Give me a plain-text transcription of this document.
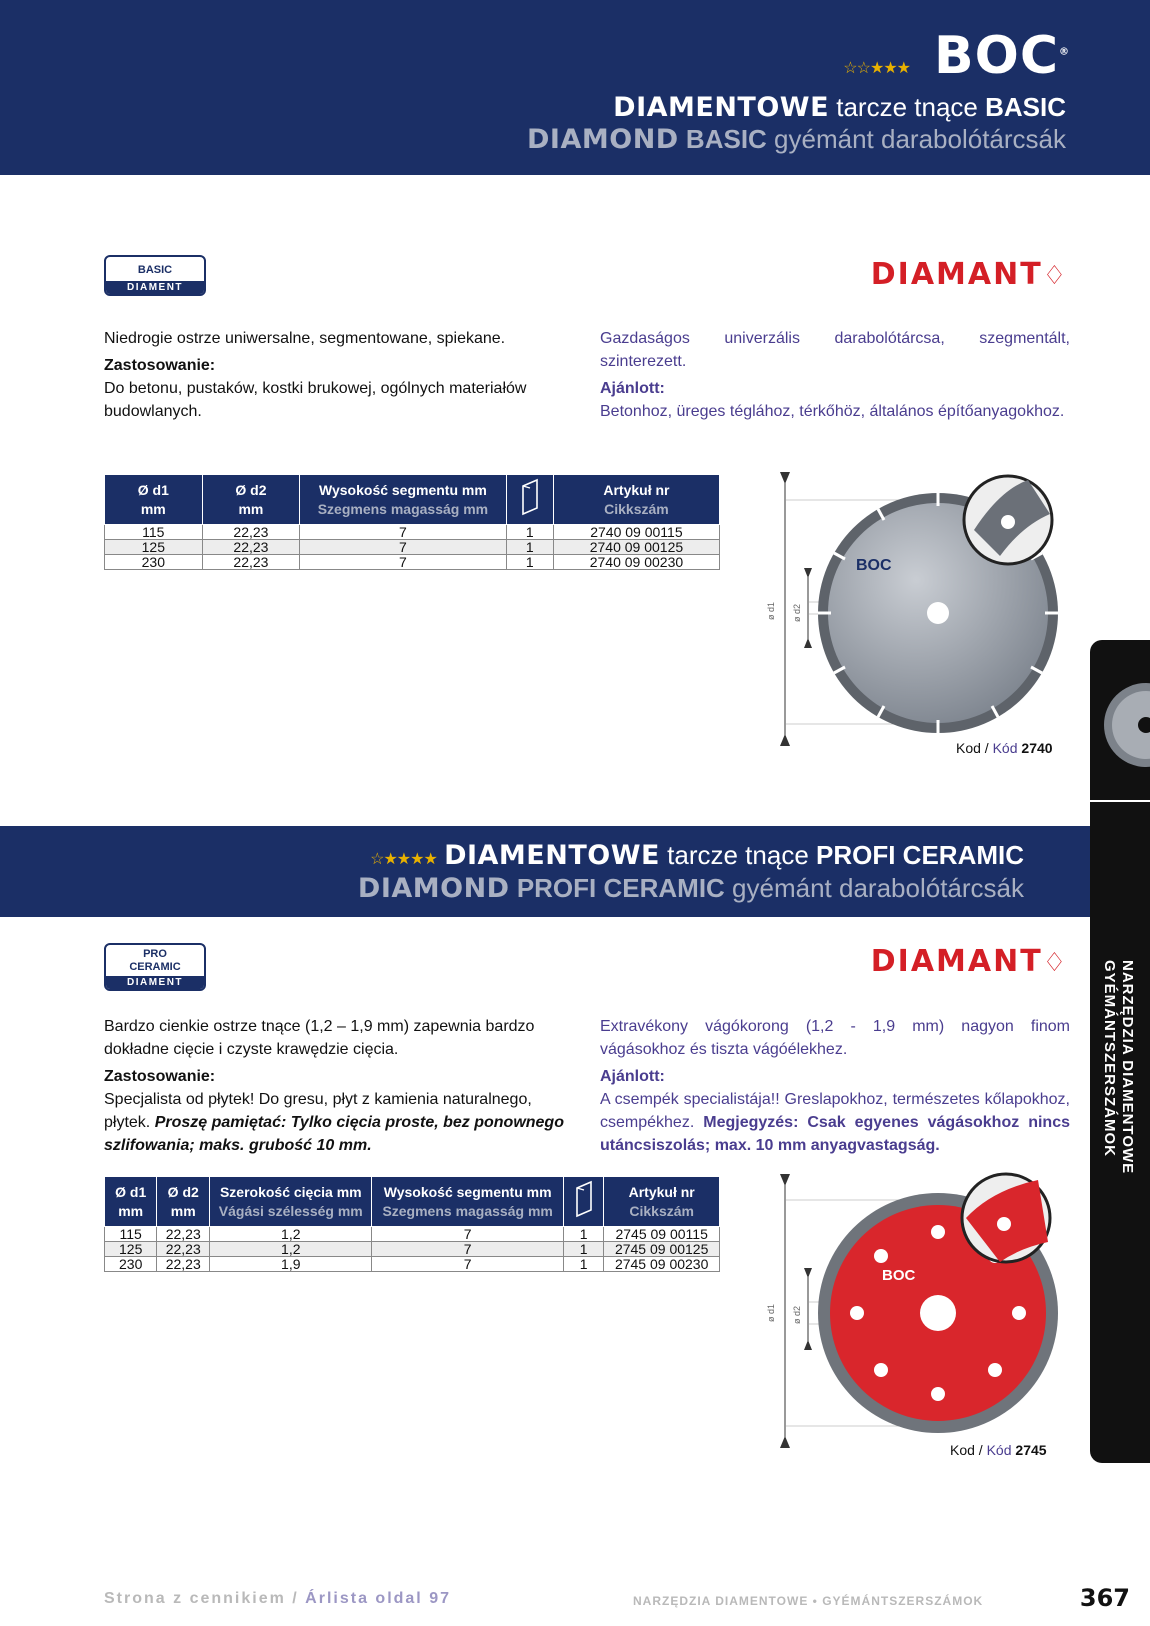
☆☆★★★ BOC®
DIAMENTOWE tarcze tnące BASIC
DIAMOND BASIC gyémánt darabolótárcsák
BASIC
DIAMENT	DIAMANT♢

Niedrogie ostrze uniwersalne, segmentowane, spiekane.

Zastosowanie:

Do betonu, pustaków, kostki brukowej, ogólnych materiałów budowlanych.

Gazdaságos univerzális darabolótárcsa, szegmentált, szinterezett.

Ajánlott:

Betonhoz, üreges téglához, térkőhöz, általános építőanyagokhoz.

Ø d1
mm	Ø d2
mm	Wysokość segmentu mm
Szegmens magasság mm		Artykuł nr
Cikkszám
115	22,23	7	1	2740 09 00115
125	22,23	7	1	2740 09 00125
230	22,23	7	1	2740 09 00230
ø d1 ø d2
BOC
Kod / Kód 2740
☆★★★★ DIAMENTOWE tarcze tnące PROFI CERAMIC
DIAMOND PROFI CERAMIC gyémánt darabolótárcsák
PRO
CERAMIC
DIAMENT
DIAMANT♢

Bardzo cienkie ostrze tnące (1,2 – 1,9 mm) zapewnia bardzo dokładne cięcie i czyste krawędzie cięcia.

Zastosowanie:

Specjalista od płytek! Do gresu, płyt z kamienia naturalnego, płytek. Proszę pamiętać: Tylko cięcia proste, bez ponownego szlifowania; maks. grubość 10 mm.

Extravékony vágókorong (1,2 - 1,9 mm) nagyon finom vágásokhoz és tiszta vágóélekhez.

Ajánlott:

A csempék specialistája!! Greslapokhoz, természetes kőlapokhoz, csempékhez. Megjegyzés: Csak egyenes vágásokhoz nincs utáncsiszolás; max. 10 mm anyagvastagság.

Ø d1
mm	Ø d2
mm	Szerokość cięcia mm
Vágási szélesség mm	Wysokość segmentu mm
Szegmens magasság mm		Artykuł nr
Cikkszám
115	22,23	1,2	7	1	2745 09 00115
125	22,23	1,2	7	1	2745 09 00125
230	22,23	1,9	7	1	2745 09 00230
ø d1 ø d2
BOC
Kod / Kód 2745
NARZĘDZIA DIAMENTOWE
GYÉMÁNTSZERSZÁMOK
Strona z cennikiem / Árlista oldal 97	NARZĘDZIA DIAMENTOWE • GYÉMÁNTSZERSZÁMOK	367
